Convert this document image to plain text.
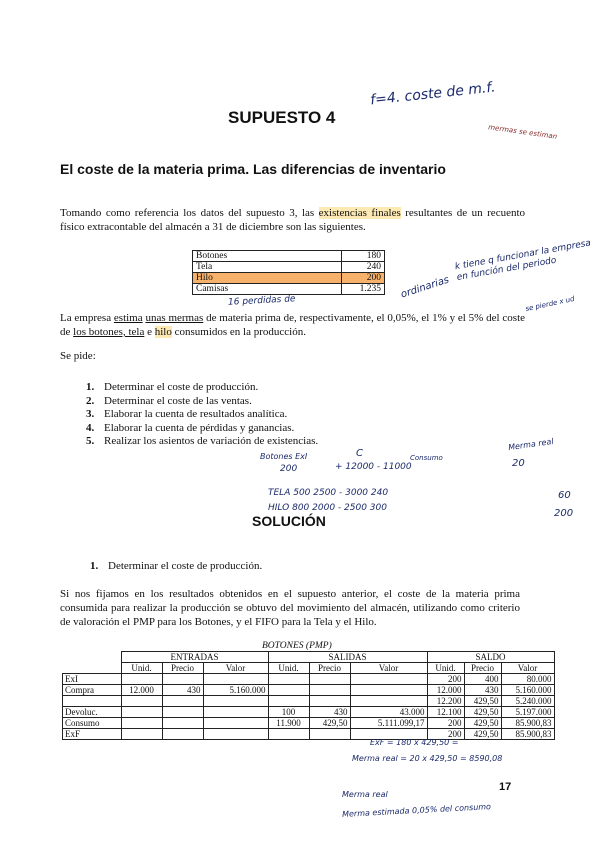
SUPUESTO 4
El coste de la materia prima. Las diferencias de inventario
Tomando como referencia los datos del supuesto 3, las existencias finales resultantes de un recuento físico extracontable del almacén a 31 de diciembre son las siguientes.
Botones	180
Tela	240
Hilo	200
Camisas	1.235
La empresa estima unas mermas de materia prima de, respectivamente, el 0,05%, el 1% y el 5% del coste de los botones, tela e hilo consumidos en la producción.
Se pide:
1. Determinar el coste de producción.
2. Determinar el coste de las ventas.
3. Elaborar la cuenta de resultados analítica.
4. Elaborar la cuenta de pérdidas y ganancias.
5. Realizar los asientos de variación de existencias.
SOLUCIÓN
1. Determinar el coste de producción.
Si nos fijamos en los resultados obtenidos en el supuesto anterior, el coste de la materia prima consumida para realizar la producción se obtuvo del movimiento del almacén, utilizando como criterio de valoración el PMP para los Botones, y el FIFO para la Tela y el Hilo.
BOTONES (PMP)
	ENTRADAS			SALIDAS			SALDO		
	Unid.	Precio	Valor	Unid.	Precio	Valor	Unid.	Precio	Valor
ExI							200	400	80.000
Compra	12.000	430	5.160.000				12.000	430	5.160.000
							12.200	429,50	5.240.000
Devoluc.				100	430	43.000	12.100	429,50	5.197.000
Consumo				11.900	429,50	5.111.099,17	200	429,50	85.900,83
ExF							200	429,50	85.900,83
17
f=4. coste de m.f.
mermas se estiman
k tiene q funcionar la empresa en función del periodo
16 perdidas de
ordinarias
se pierde x ud
C	Consumo
Merma real
Botones ExI
200	+ 12000 - 11000	20
TELA 500 2500 - 3000 240	60
HILO 800 2000 - 2500 300	200
ExF = 180 x 429,50 =
Merma real = 20 x 429,50 = 8590,08
Merma real
Merma estimada 0,05% del consumo
